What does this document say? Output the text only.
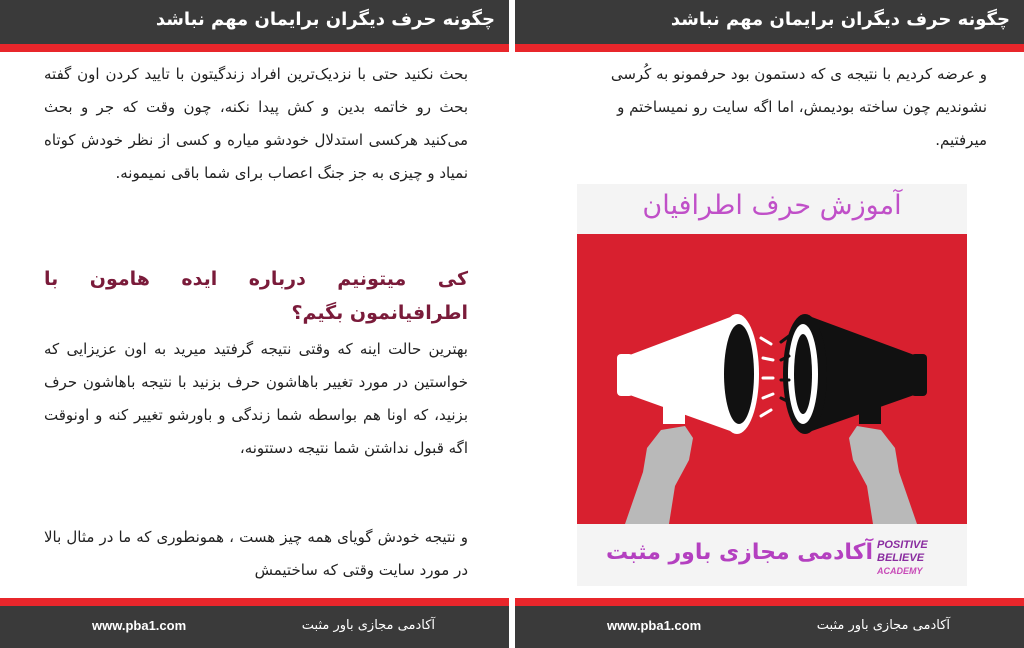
چگونه حرف دیگران برایمان مهم نباشد
بحث نکنید حتی با نزدیک‌ترین افراد زندگیتون با تایید کردن اون گفته بحث رو خاتمه بدین و کش پیدا نکنه، چون وقت که جر و بحث می‌کنید هرکسی استدلال خودشو میاره و کسی از نظر خودش کوتاه نمیاد و چیزی به جز جنگ اعصاب برای شما باقی نمیمونه.
کی میتونیم درباره ایده هامون با اطرافیانمون بگیم؟
بهترین حالت اینه که وقتی نتیجه گرفتید میرید به اون عزیزایی که خواستین در مورد تغییر باهاشون حرف بزنید با نتیجه باهاشون حرف بزنید، که اونا هم بواسطه شما زندگی و باورشو تغییر کنه و اونوقت اگه قبول نداشتن شما نتیجه دستتونه،
و نتیجه خودش گویای همه چیز هست ، همونطوری که ما در مثال بالا در مورد سایت وقتی که ساختیمش
www.pba1.com	آکادمی مجازی باور مثبت
چگونه حرف دیگران برایمان مهم نباشد
و عرضه کردیم با نتیجه ی که دستمون بود حرفمونو به کُرسی نشوندیم چون ساخته بودیمش، اما اگه سایت رو نمیساختم و میرفتیم.
آموزش حرف اطرافیان
آکادمی مجازی باور مثبت POSITIVE
BELIEVE
ACADEMY
www.pba1.com	آکادمی مجازی باور مثبت
